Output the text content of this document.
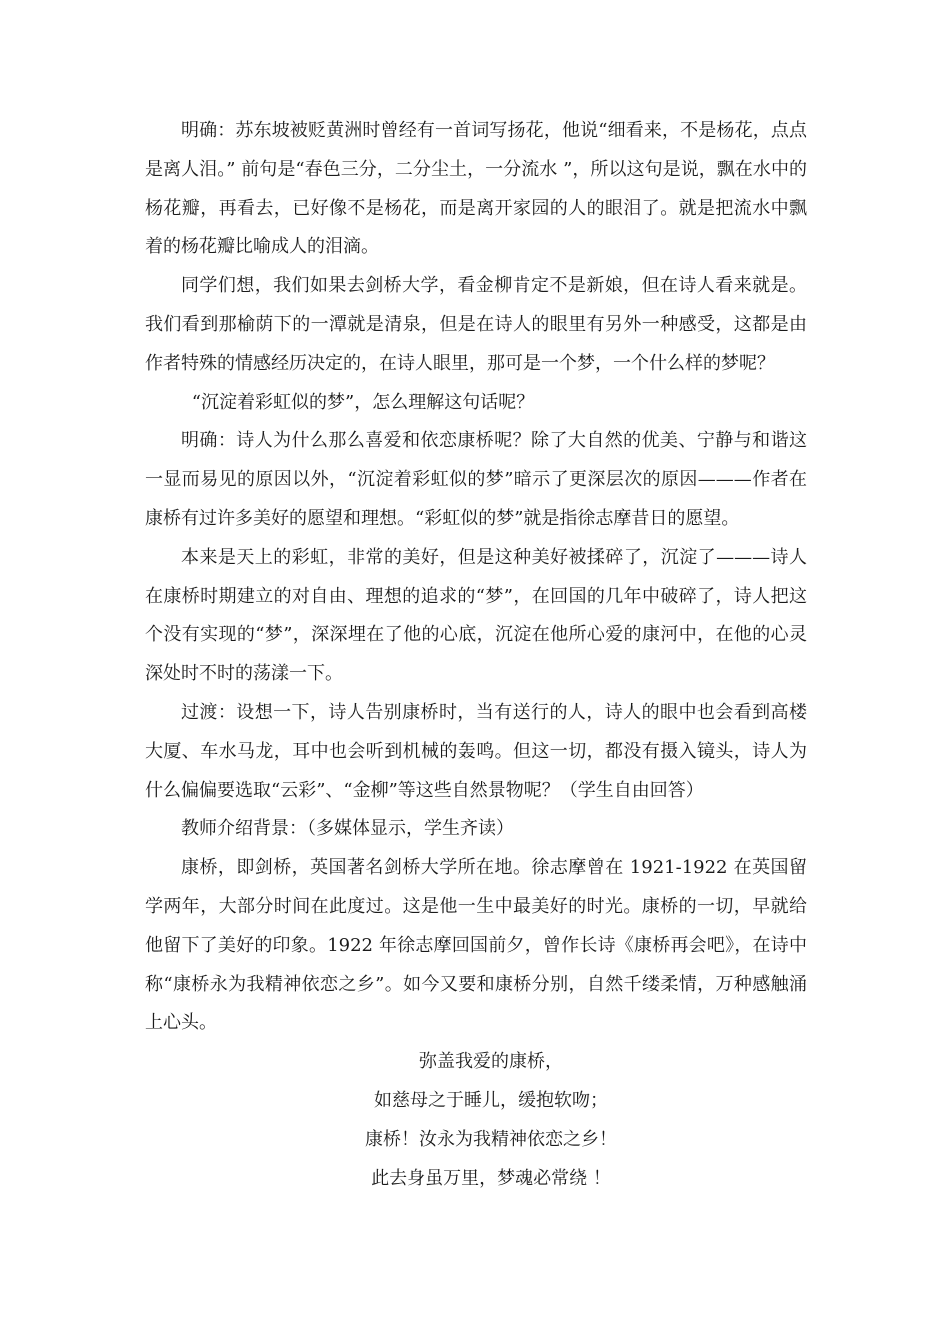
明确：苏东坡被贬黄洲时曾经有一首词写扬花，他说“细看来，不是杨花，点点是离人泪。” 前句是“春色三分，二分尘土，一分流水 ”，所以这句是说，飘在水中的杨花瓣，再看去，已好像不是杨花，而是离开家园的人的眼泪了。就是把流水中飘着的杨花瓣比喻成人的泪滴。

同学们想，我们如果去剑桥大学，看金柳肯定不是新娘，但在诗人看来就是。我们看到那榆荫下的一潭就是清泉，但是在诗人的眼里有另外一种感受，这都是由作者特殊的情感经历决定的，在诗人眼里，那可是一个梦，一个什么样的梦呢？

“沉淀着彩虹似的梦”，怎么理解这句话呢？

明确：诗人为什么那么喜爱和依恋康桥呢？除了大自然的优美、宁静与和谐这一显而易见的原因以外，“沉淀着彩虹似的梦”暗示了更深层次的原因———作者在康桥有过许多美好的愿望和理想。“彩虹似的梦”就是指徐志摩昔日的愿望。

本来是天上的彩虹，非常的美好，但是这种美好被揉碎了，沉淀了———诗人在康桥时期建立的对自由、理想的追求的“梦”，在回国的几年中破碎了，诗人把这个没有实现的“梦”，深深埋在了他的心底，沉淀在他所心爱的康河中，在他的心灵深处时不时的荡漾一下。

过渡：设想一下，诗人告别康桥时，当有送行的人，诗人的眼中也会看到高楼大厦、车水马龙，耳中也会听到机械的轰鸣。但这一切，都没有摄入镜头，诗人为什么偏偏要选取“云彩”、“金柳”等这些自然景物呢？（学生自由回答）

教师介绍背景：（多媒体显示，学生齐读）

康桥，即剑桥，英国著名剑桥大学所在地。徐志摩曾在 1921-1922 在英国留学两年，大部分时间在此度过。这是他一生中最美好的时光。康桥的一切，早就给他留下了美好的印象。1922 年徐志摩回国前夕，曾作长诗《康桥再会吧》，在诗中称“康桥永为我精神依恋之乡”。如今又要和康桥分别，自然千缕柔情，万种感触涌上心头。

弥盖我爱的康桥，

如慈母之于睡儿，缓抱软吻；

康桥！汝永为我精神依恋之乡！

此去身虽万里，梦魂必常绕 ！
